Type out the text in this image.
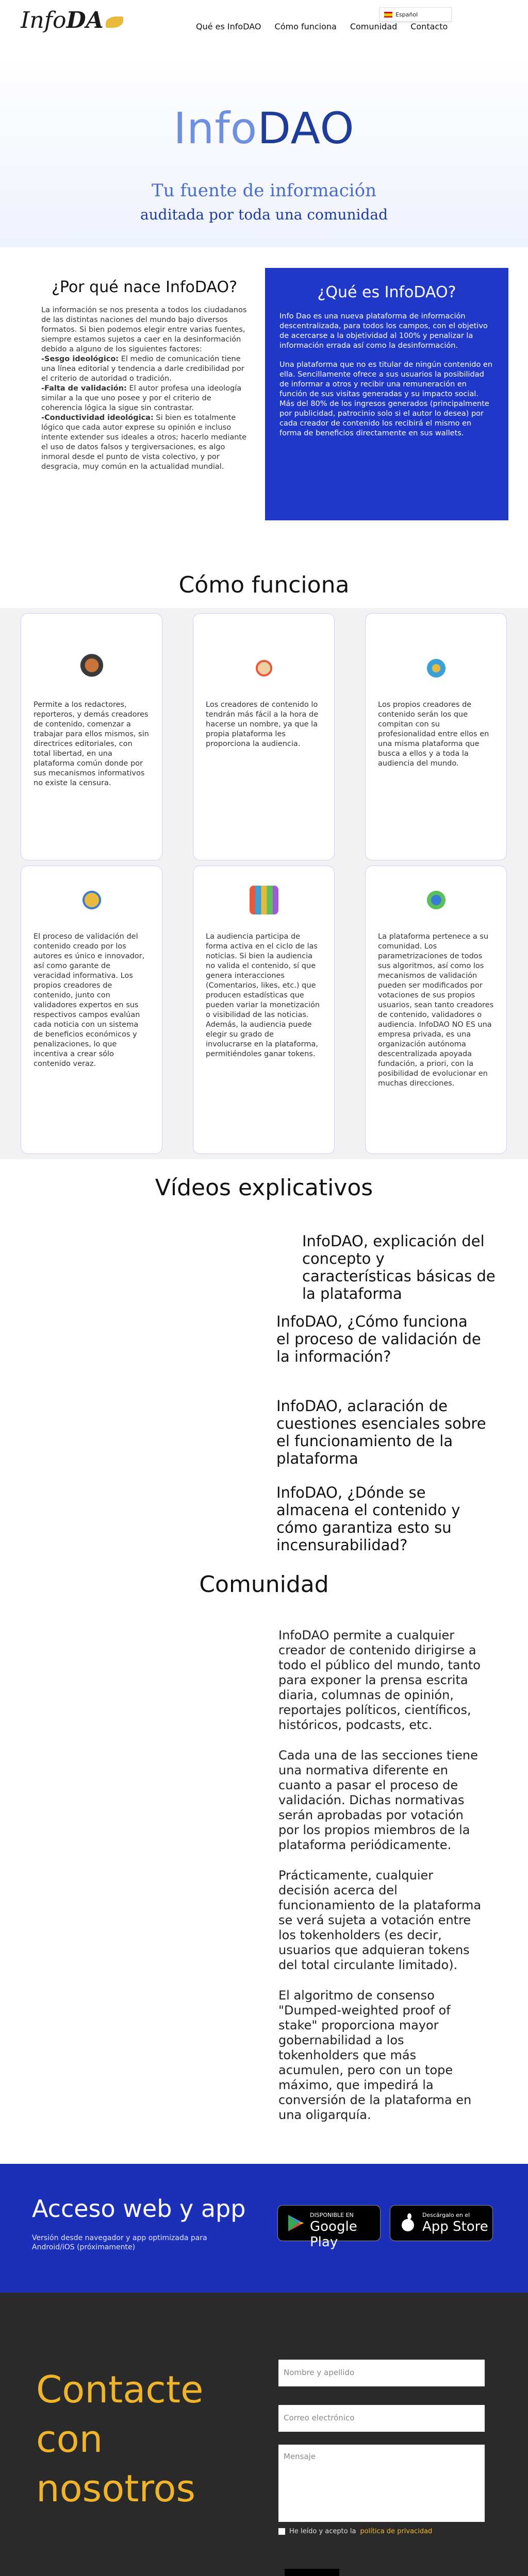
InfoDA	Qué es InfoDAO Cómo funciona Comunidad Contacto
Español
InfoDAO
Tu fuente de información
auditada por toda una comunidad
¿Por qué nace InfoDAO?

La información se nos presenta a todos los ciudadanos de las distintas naciones del mundo bajo diversos formatos. Si bien podemos elegir entre varias fuentes, siempre estamos sujetos a caer en la desinformación debido a alguno de los siguientes factores:

-Sesgo ideológico: El medio de comunicación tiene una línea editorial y tendencia a darle credibilidad por el criterio de autoridad o tradición.

-Falta de validación: El autor profesa una ideología similar a la que uno posee y por el criterio de coherencia lógica la sigue sin contrastar.

-Conductividad ideológica: Si bien es totalmente lógico que cada autor exprese su opinión e incluso intente extender sus ideales a otros; hacerlo mediante el uso de datos falsos y tergiversaciones, es algo inmoral desde el punto de vista colectivo, y por desgracia, muy común en la actualidad mundial.

¿Qué es InfoDAO?

Info Dao es una nueva plataforma de información descentralizada, para todos los campos, con el objetivo de acercarse a la objetividad al 100% y penalizar la información errada así como la desinformación.

Una plataforma que no es titular de ningún contenido en ella. Sencillamente ofrece a sus usuarios la posibilidad de informar a otros y recibir una remuneración en función de sus visitas generadas y su impacto social. Más del 80% de los ingresos generados (principalmente por publicidad, patrocinio solo si el autor lo desea) por cada creador de contenido los recibirá el mismo en forma de beneficios directamente en sus wallets.

Cómo funciona
Permite a los redactores, reporteros, y demás creadores de contenido, comenzar a trabajar para ellos mismos, sin directrices editoriales, con total libertad, en una plataforma común donde por sus mecanismos informativos no existe la censura.
Los creadores de contenido lo tendrán más fácil a la hora de hacerse un nombre, ya que la propia plataforma les proporciona la audiencia.
Los propios creadores de contenido serán los que compitan con su profesionalidad entre ellos en una misma plataforma que busca a ellos y a toda la audiencia del mundo.
El proceso de validación del contenido creado por los autores es único e innovador, así como garante de veracidad informativa. Los propios creadores de contenido, junto con validadores expertos en sus respectivos campos evalúan cada noticia con un sistema de beneficios económicos y penalizaciones, lo que incentiva a crear sólo contenido veraz.
La audiencia participa de forma activa en el ciclo de las noticias. Si bien la audiencia no valida el contenido, sí que genera interacciones (Comentarios, likes, etc.) que producen estadísticas que pueden variar la monetización o visibilidad de las noticias. Además, la audiencia puede elegir su grado de involucrarse en la plataforma, permitiéndoles ganar tokens.
La plataforma pertenece a su comunidad. Los parametrizaciones de todos sus algoritmos, así como los mecanismos de validación pueden ser modificados por votaciones de sus propios usuarios, sean tanto creadores de contenido, validadores o audiencia. InfoDAO NO ES una empresa privada, es una organización autónoma descentralizada apoyada fundación, a priori, con la posibilidad de evolucionar en muchas direcciones.
Vídeos explicativos
InfoDAO, explicación del concepto y características básicas de la plataforma
InfoDAO, ¿Cómo funciona el proceso de validación de la información?
InfoDAO, aclaración de cuestiones esenciales sobre el funcionamiento de la plataforma
InfoDAO, ¿Dónde se almacena el contenido y cómo garantiza esto su incensurabilidad?
Comunidad

InfoDAO permite a cualquier creador de contenido dirigirse a todo el público del mundo, tanto para exponer la prensa escrita diaria, columnas de opinión, reportajes políticos, científicos, históricos, podcasts, etc.

Cada una de las secciones tiene una normativa diferente en cuanto a pasar el proceso de validación. Dichas normativas serán aprobadas por votación por los propios miembros de la plataforma periódicamente.

Prácticamente, cualquier decisión acerca del funcionamiento de la plataforma se verá sujeta a votación entre los tokenholders (es decir, usuarios que adquieran tokens del total circulante limitado).

El algoritmo de consenso "Dumped-weighted proof of stake" proporciona mayor gobernabilidad a los tokenholders que más acumulen, pero con un tope máximo, que impedirá la conversión de la plataforma en una oligarquía.

Acceso web y app

Versión desde navegador y app optimizada para Android/iOS (próximamente)

DISPONIBLE EN
Google Play
Descárgalo en el
App Store
Contacte
con
nosotros
Nombre y apellido
Correo electrónico
Mensaje
He leído y acepto la política de privacidad
